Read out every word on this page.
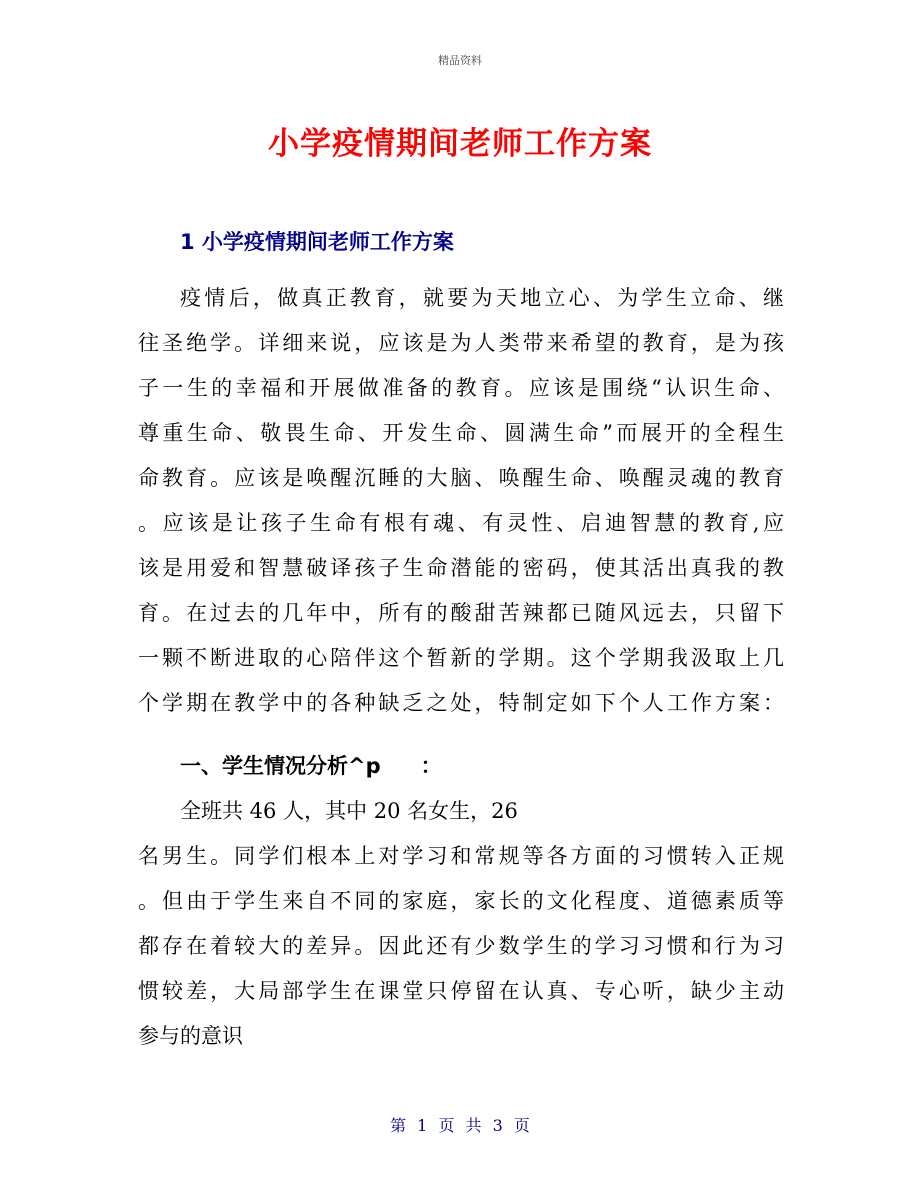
精品资料
小学疫情期间老师工作方案
1 小学疫情期间老师工作方案
疫情后，做真正教育，就要为天地立心、为学生立命、继
往圣绝学。详细来说，应该是为人类带来希望的教育，是为孩
子一生的幸福和开展做准备的教育。应该是围绕“认识生命、
尊重生命、敬畏生命、开发生命、圆满生命”而展开的全程生
命教育。应该是唤醒沉睡的大脑、唤醒生命、唤醒灵魂的教育
。应该是让孩子生命有根有魂、有灵性、启迪智慧的教育,应
该是用爱和智慧破译孩子生命潜能的密码，使其活出真我的教
育。在过去的几年中，所有的酸甜苦辣都已随风远去，只留下
一颗不断进取的心陪伴这个暂新的学期。这个学期我汲取上几
个学期在教学中的各种缺乏之处，特制定如下个人工作方案：
一、学生情况分析^p ：
全班共 46 人，其中 20 名女生，26
名男生。同学们根本上对学习和常规等各方面的习惯转入正规
。但由于学生来自不同的家庭，家长的文化程度、道德素质等
都存在着较大的差异。因此还有少数学生的学习习惯和行为习
惯较差，大局部学生在课堂只停留在认真、专心听，缺少主动
参与的意识
第 1 页 共 3 页
